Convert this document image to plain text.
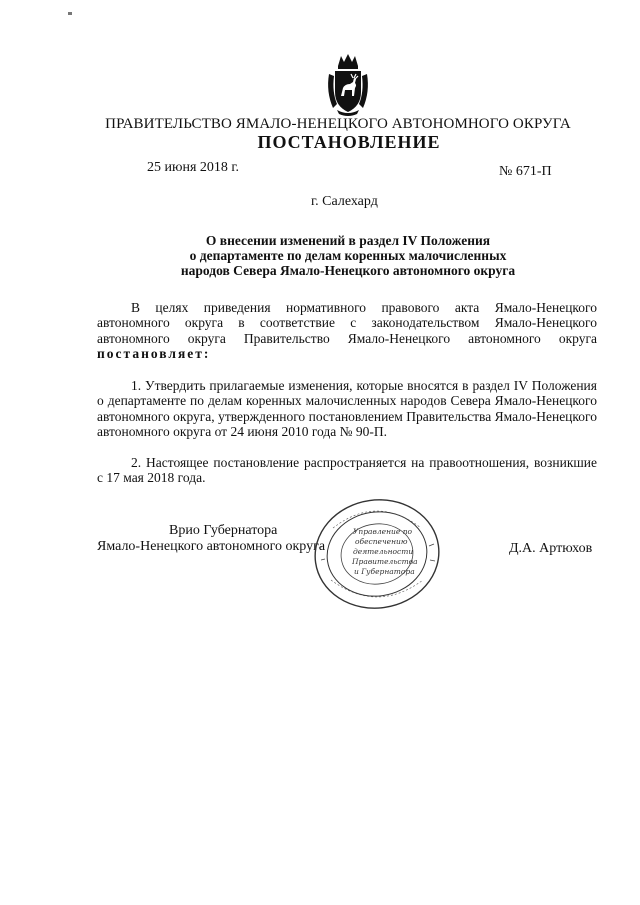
ПРАВИТЕЛЬСТВО ЯМАЛО-НЕНЕЦКОГО АВТОНОМНОГО ОКРУГА
ПОСТАНОВЛЕНИЕ
25 июня 2018 г.	№ 671-П
г. Салехард
О внесении изменений в раздел IV Положения
о департаменте по делам коренных малочисленных
народов Севера Ямало-Ненецкого автономного округа
В целях приведения нормативного правового акта Ямало-Ненецкого автономного округа в соответствие с законодательством Ямало-Ненецкого автономного округа Правительство Ямало-Ненецкого автономного округа постановляет:
1. Утвердить прилагаемые изменения, которые вносятся в раздел IV Положения о департаменте по делам коренных малочисленных народов Севера Ямало-Ненецкого автономного округа, утвержденного постановлением Правительства Ямало-Ненецкого автономного округа от 24 июня 2010 года № 90-П.
2. Настоящее постановление распространяется на правоотношения, возникшие с 17 мая 2018 года.
Врио Губернатора
Ямало-Ненецкого автономного округа	Д.А. Артюхов
Управление по обеспечению деятельности Правительства и Губернатора
